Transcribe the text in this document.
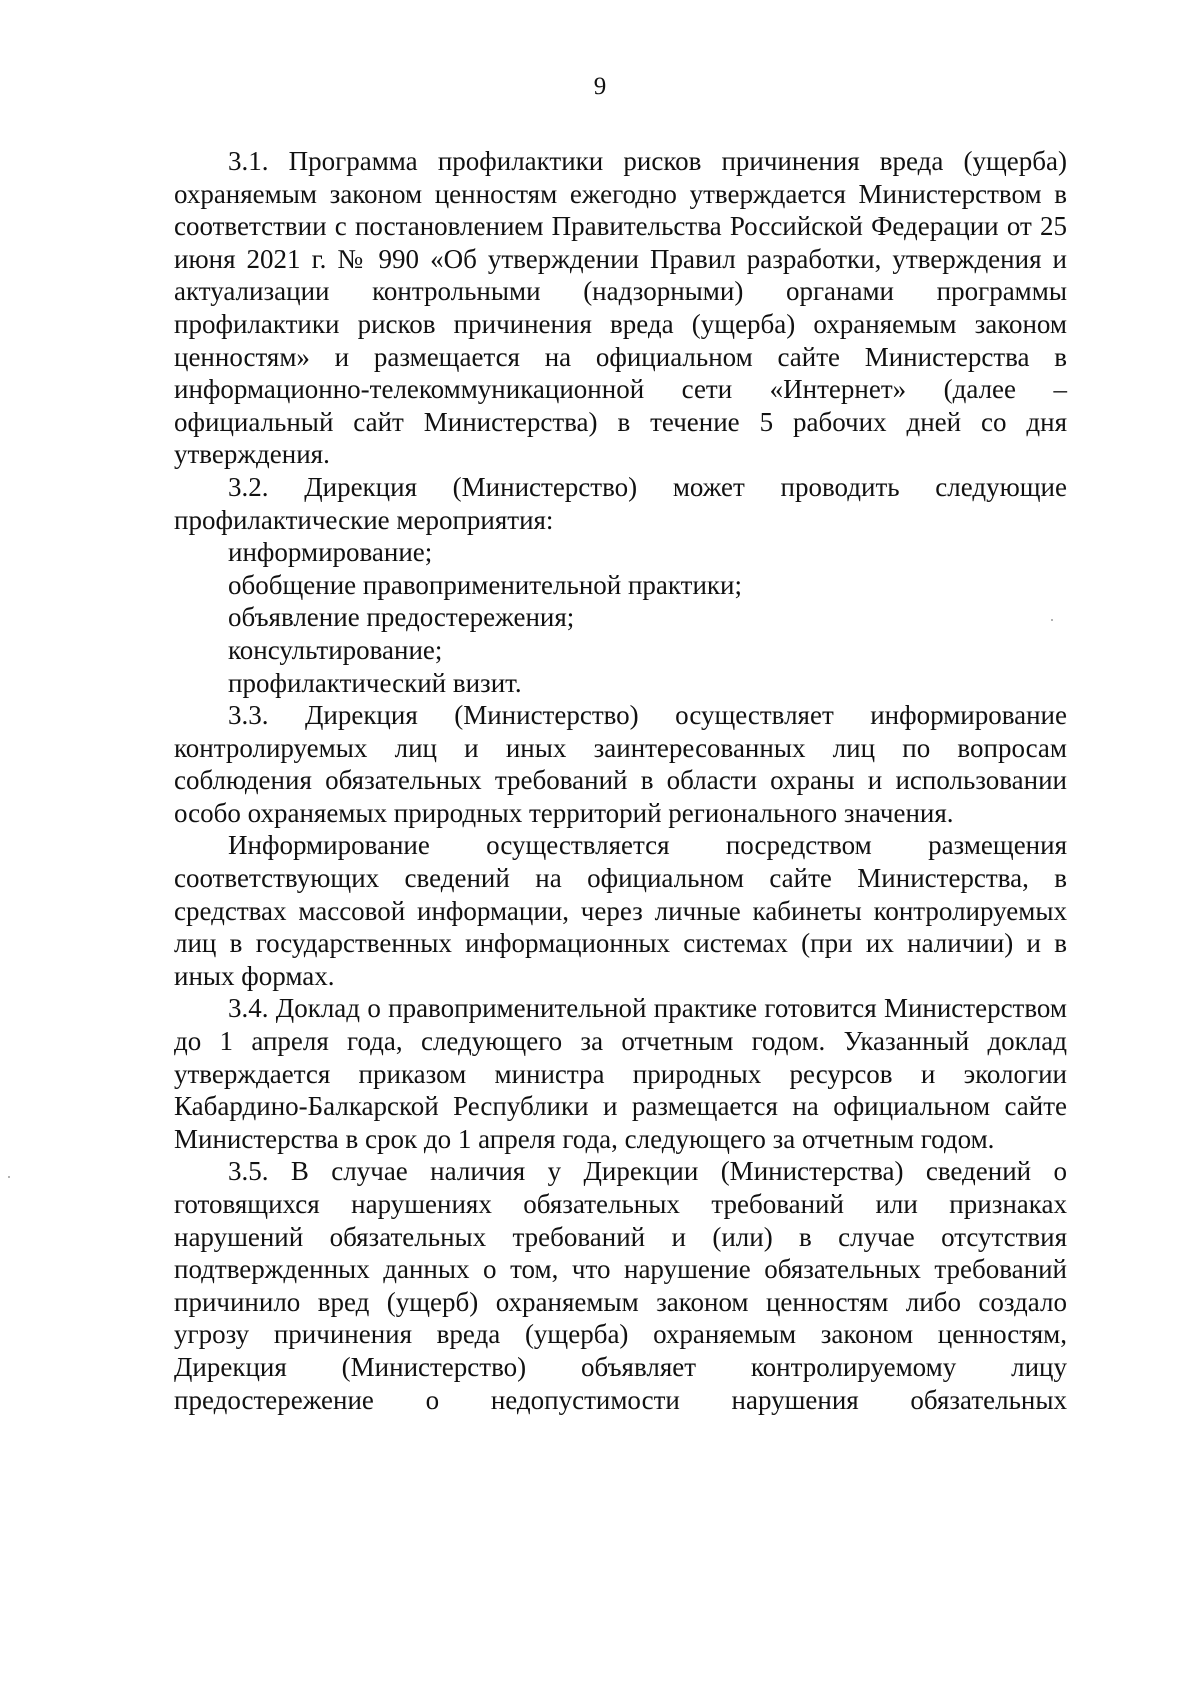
9

3.1. Программа профилактики рисков причинения вреда (ущерба) охраняемым законом ценностям ежегодно утверждается Министерством в соответствии с постановлением Правительства Российской Федерации от 25 июня 2021 г. № 990 «Об утверждении Правил разработки, утверждения и актуализации контрольными (надзорными) органами программы профилактики рисков причинения вреда (ущерба) охраняемым законом ценностям» и размещается на официальном сайте Министерства в информационно-телекоммуникационной сети «Интернет» (далее – официальный сайт Министерства) в течение 5 рабочих дней со дня утверждения.

3.2. Дирекция (Министерство) может проводить следующие профилактические мероприятия:

информирование;

обобщение правоприменительной практики;

объявление предостережения;

консультирование;

профилактический визит.

3.3. Дирекция (Министерство) осуществляет информирование контролируемых лиц и иных заинтересованных лиц по вопросам соблюдения обязательных требований в области охраны и использовании особо охраняемых природных территорий регионального значения.

Информирование осуществляется посредством размещения соответствующих сведений на официальном сайте Министерства, в средствах массовой информации, через личные кабинеты контролируемых лиц в государственных информационных системах (при их наличии) и в иных формах.

3.4. Доклад о правоприменительной практике готовится Министерством до 1 апреля года, следующего за отчетным годом. Указанный доклад утверждается приказом министра природных ресурсов и экологии Кабардино-Балкарской Республики и размещается на официальном сайте Министерства в срок до 1 апреля года, следующего за отчетным годом.

3.5. В случае наличия у Дирекции (Министерства) сведений о готовящихся нарушениях обязательных требований или признаках нарушений обязательных требований и (или) в случае отсутствия подтвержденных данных о том, что нарушение обязательных требований причинило вред (ущерб) охраняемым законом ценностям либо создало угрозу причинения вреда (ущерба) охраняемым законом ценностям, Дирекция (Министерство) объявляет контролируемому лицу предостережение о недопустимости нарушения обязательных
